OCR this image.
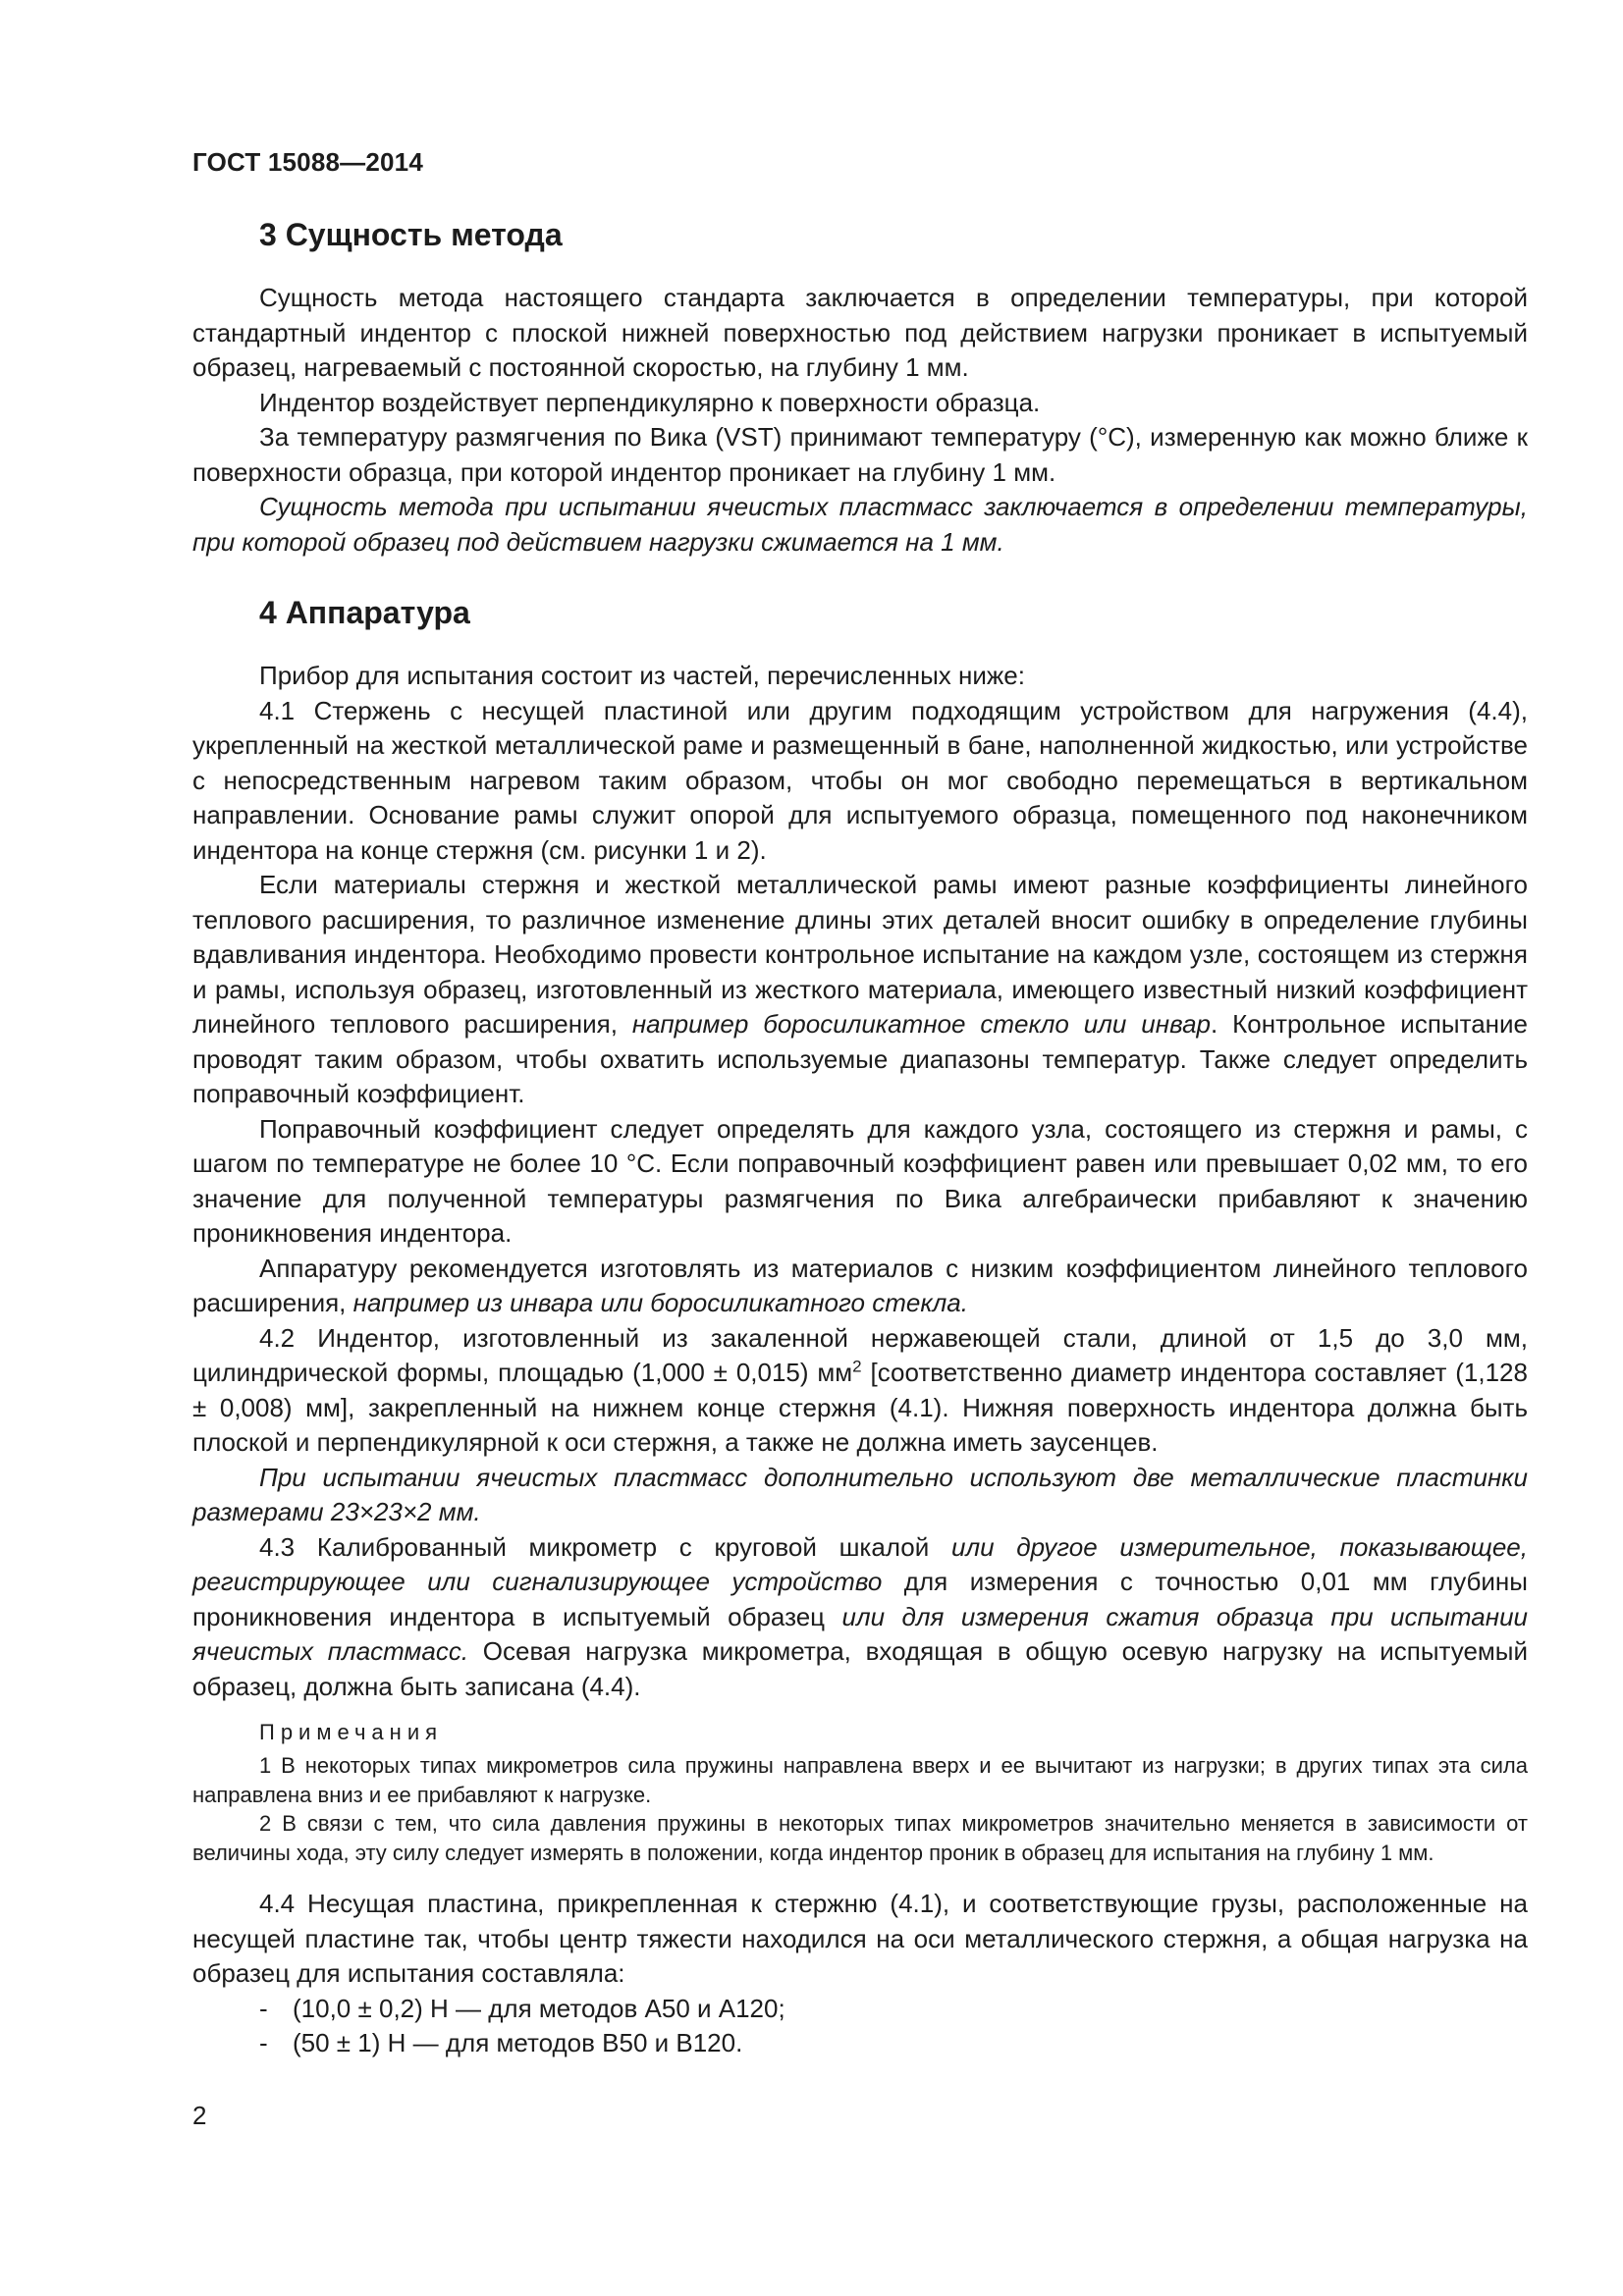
ГОСТ 15088—2014
3 Сущность метода

Сущность метода настоящего стандарта заключается в определении температуры, при которой стандартный индентор с плоской нижней поверхностью под действием нагрузки проникает в испытуемый образец, нагреваемый с постоянной скоростью, на глубину 1 мм.

Индентор воздействует перпендикулярно к поверхности образца.

За температуру размягчения по Вика (VST) принимают температуру (°C), измеренную как можно ближе к поверхности образца, при которой индентор проникает на глубину 1 мм.

Сущность метода при испытании ячеистых пластмасс заключается в определении температуры, при которой образец под действием нагрузки сжимается на 1 мм.

4 Аппаратура

Прибор для испытания состоит из частей, перечисленных ниже:

4.1 Стержень с несущей пластиной или другим подходящим устройством для нагружения (4.4), укрепленный на жесткой металлической раме и размещенный в бане, наполненной жидкостью, или устройстве с непосредственным нагревом таким образом, чтобы он мог свободно перемещаться в вертикальном направлении. Основание рамы служит опорой для испытуемого образца, помещенного под наконечником индентора на конце стержня (см. рисунки 1 и 2).

Если материалы стержня и жесткой металлической рамы имеют разные коэффициенты линейного теплового расширения, то различное изменение длины этих деталей вносит ошибку в определение глубины вдавливания индентора. Необходимо провести контрольное испытание на каждом узле, состоящем из стержня и рамы, используя образец, изготовленный из жесткого материала, имеющего известный низкий коэффициент линейного теплового расширения, например боросиликатное стекло или инвар. Контрольное испытание проводят таким образом, чтобы охватить используемые диапазоны температур. Также следует определить поправочный коэффициент.

Поправочный коэффициент следует определять для каждого узла, состоящего из стержня и рамы, с шагом по температуре не более 10 °C. Если поправочный коэффициент равен или превышает 0,02 мм, то его значение для полученной температуры размягчения по Вика алгебраически прибавляют к значению проникновения индентора.

Аппаратуру рекомендуется изготовлять из материалов с низким коэффициентом линейного теплового расширения, например из инвара или боросиликатного стекла.

4.2 Индентор, изготовленный из закаленной нержавеющей стали, длиной от 1,5 до 3,0 мм, цилиндрической формы, площадью (1,000 ± 0,015) $мм^2$ [соответственно диаметр индентора составляет (1,128 ± 0,008) мм], закрепленный на нижнем конце стержня (4.1). Нижняя поверхность индентора должна быть плоской и перпендикулярной к оси стержня, а также не должна иметь заусенцев.

При испытании ячеистых пластмасс дополнительно используют две металлические пластинки размерами 23×23×2 мм.

4.3 Калиброванный микрометр с круговой шкалой или другое измерительное, показывающее, регистрирующее или сигнализирующее устройство для измерения с точностью 0,01 мм глубины проникновения индентора в испытуемый образец или для измерения сжатия образца при испытании ячеистых пластмасс. Осевая нагрузка микрометра, входящая в общую осевую нагрузку на испытуемый образец, должна быть записана (4.4).

Примечания

1 В некоторых типах микрометров сила пружины направлена вверх и ее вычитают из нагрузки; в других типах эта сила направлена вниз и ее прибавляют к нагрузке.

2 В связи с тем, что сила давления пружины в некоторых типах микрометров значительно меняется в зависимости от величины хода, эту силу следует измерять в положении, когда индентор проник в образец для испытания на глубину 1 мм.

4.4 Несущая пластина, прикрепленная к стержню (4.1), и соответствующие грузы, расположенные на несущей пластине так, чтобы центр тяжести находился на оси металлического стержня, а общая нагрузка на образец для испытания составляла:

- (10,0 ± 0,2) Н — для методов А50 и А120;
- (50 ± 1) Н — для методов В50 и В120.
2
